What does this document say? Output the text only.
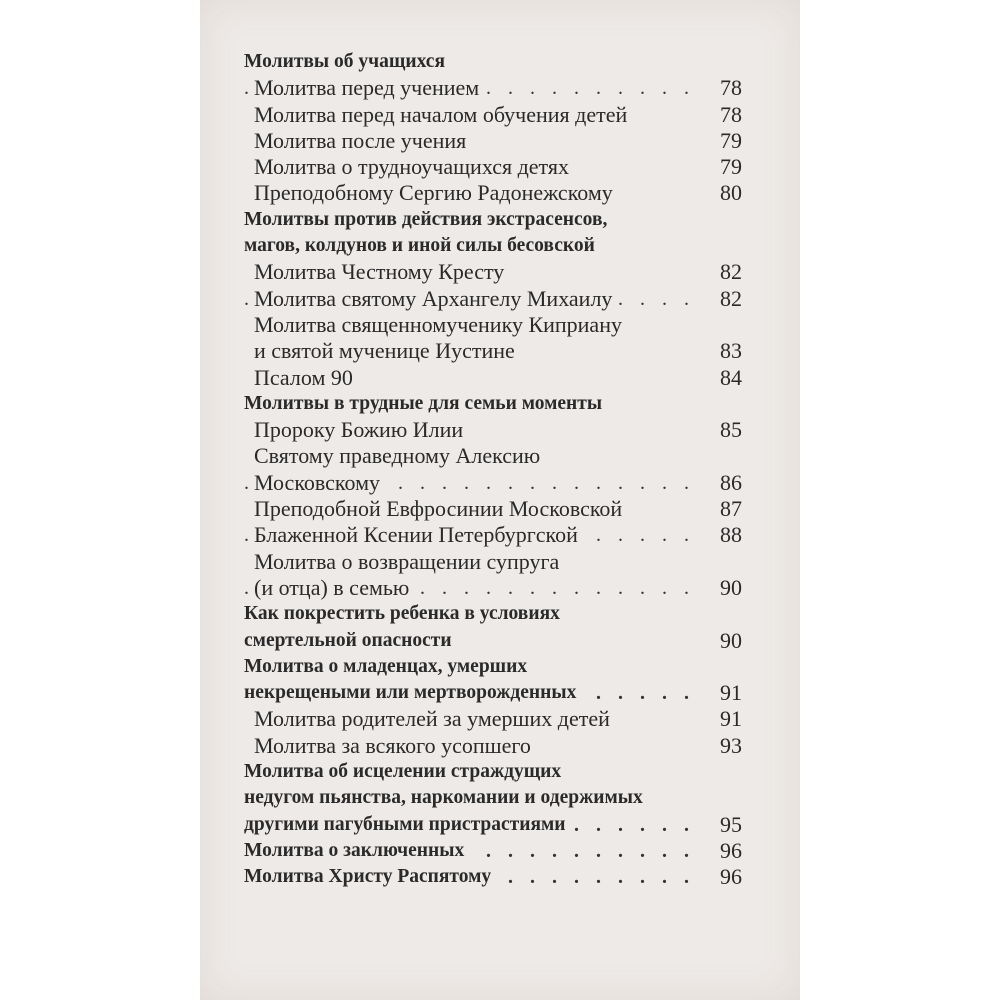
Молитвы об учащихся
. . .
Молитва перед учением	78
Молитва перед началом обучения детей	78
Молитва после учения	79
Молитва о трудноучащихся детях	79
Преподобному Сергию Радонежскому	80
Молитвы против действия экстрасенсов,
магов, колдунов и иной силы бесовской
Молитва Честному Кресту	82
. . .
Молитва святому Архангелу Михаилу	82
Молитва священномученику Киприану
и святой мученице Иустине	83
Псалом 90	84
Молитвы в трудные для семьи моменты
Пророку Божию Илии	85
Святому праведному Алексию
. . .
Московскому	86
Преподобной Евфросинии Московской	87
. . .
Блаженной Ксении Петербургской	88
Молитва о возвращении супруга
. . .
(и отца) в семью	90
Как покрестить ребенка в условиях
смертельной опасности	90
Молитва о младенцах, умерших
. . .
некрещеными или мертворожденных	91
Молитва родителей за умерших детей	91
Молитва за всякого усопшего	93
Молитва об исцелении страждущих
недугом пьянства, наркомании и одержимых
. . .
другими пагубными пристрастиями	95
. . .
Молитва о заключенных	96
. . .
Молитва Христу Распятому	96
